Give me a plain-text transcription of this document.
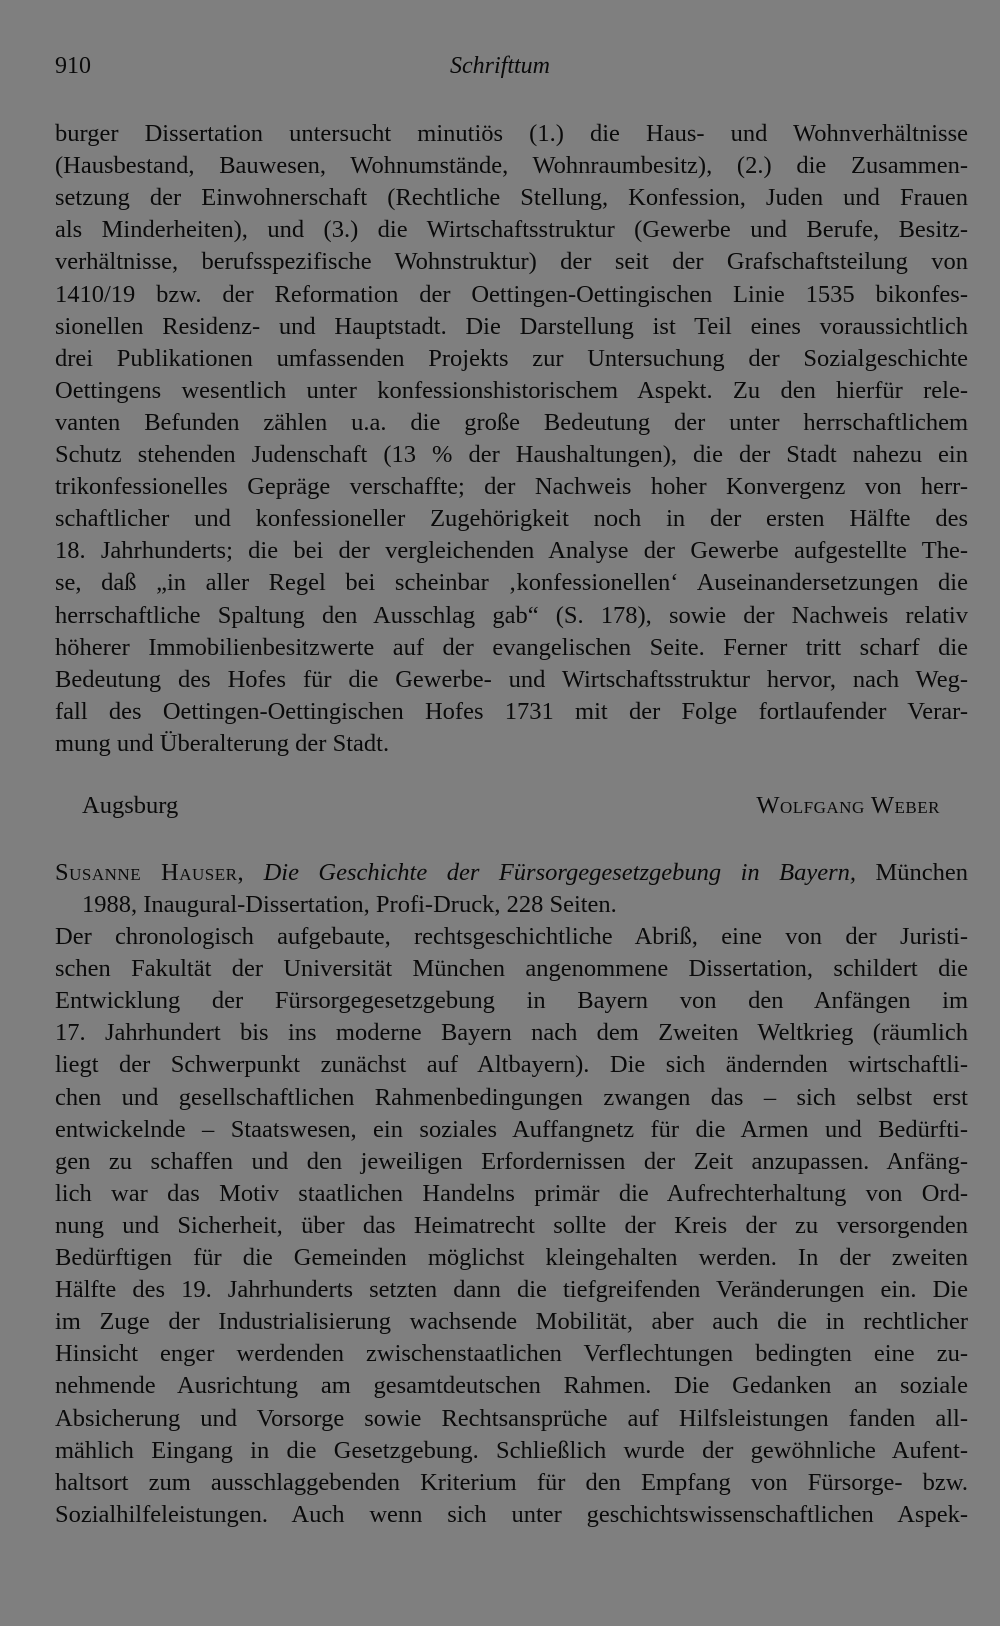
910	Schrifttum
burger Dissertation untersucht minutiös (1.) die Haus- und Wohnverhältnisse
(Hausbestand, Bauwesen, Wohnumstände, Wohnraumbesitz), (2.) die Zusammen-
setzung der Einwohnerschaft (Rechtliche Stellung, Konfession, Juden und Frauen
als Minderheiten), und (3.) die Wirtschaftsstruktur (Gewerbe und Berufe, Besitz-
verhältnisse, berufsspezifische Wohnstruktur) der seit der Grafschaftsteilung von
1410/19 bzw. der Reformation der Oettingen-Oettingischen Linie 1535 bikonfes-
sionellen Residenz- und Hauptstadt. Die Darstellung ist Teil eines voraussichtlich
drei Publikationen umfassenden Projekts zur Untersuchung der Sozialgeschichte
Oettingens wesentlich unter konfessionshistorischem Aspekt. Zu den hierfür rele-
vanten Befunden zählen u.a. die große Bedeutung der unter herrschaftlichem
Schutz stehenden Judenschaft (13 % der Haushaltungen), die der Stadt nahezu ein
trikonfessionelles Gepräge verschaffte; der Nachweis hoher Konvergenz von herr-
schaftlicher und konfessioneller Zugehörigkeit noch in der ersten Hälfte des
18. Jahrhunderts; die bei der vergleichenden Analyse der Gewerbe aufgestellte The-
se, daß „in aller Regel bei scheinbar ‚konfessionellen‘ Auseinandersetzungen die
herrschaftliche Spaltung den Ausschlag gab“ (S. 178), sowie der Nachweis relativ
höherer Immobilienbesitzwerte auf der evangelischen Seite. Ferner tritt scharf die
Bedeutung des Hofes für die Gewerbe- und Wirtschaftsstruktur hervor, nach Weg-
fall des Oettingen-Oettingischen Hofes 1731 mit der Folge fortlaufender Verar-
mung und Überalterung der Stadt.
Augsburg	Wolfgang Weber
Susanne Hauser, Die Geschichte der Fürsorgegesetzgebung in Bayern, München
1988, Inaugural-Dissertation, Profi-Druck, 228 Seiten.
Der chronologisch aufgebaute, rechtsgeschichtliche Abriß, eine von der Juristi-
schen Fakultät der Universität München angenommene Dissertation, schildert die
Entwicklung der Fürsorgegesetzgebung in Bayern von den Anfängen im
17. Jahrhundert bis ins moderne Bayern nach dem Zweiten Weltkrieg (räumlich
liegt der Schwerpunkt zunächst auf Altbayern). Die sich ändernden wirtschaftli-
chen und gesellschaftlichen Rahmenbedingungen zwangen das – sich selbst erst
entwickelnde – Staatswesen, ein soziales Auffangnetz für die Armen und Bedürfti-
gen zu schaffen und den jeweiligen Erfordernissen der Zeit anzupassen. Anfäng-
lich war das Motiv staatlichen Handelns primär die Aufrechterhaltung von Ord-
nung und Sicherheit, über das Heimatrecht sollte der Kreis der zu versorgenden
Bedürftigen für die Gemeinden möglichst kleingehalten werden. In der zweiten
Hälfte des 19. Jahrhunderts setzten dann die tiefgreifenden Veränderungen ein. Die
im Zuge der Industrialisierung wachsende Mobilität, aber auch die in rechtlicher
Hinsicht enger werdenden zwischenstaatlichen Verflechtungen bedingten eine zu-
nehmende Ausrichtung am gesamtdeutschen Rahmen. Die Gedanken an soziale
Absicherung und Vorsorge sowie Rechtsansprüche auf Hilfsleistungen fanden all-
mählich Eingang in die Gesetzgebung. Schließlich wurde der gewöhnliche Aufent-
haltsort zum ausschlaggebenden Kriterium für den Empfang von Fürsorge- bzw.
Sozialhilfeleistungen. Auch wenn sich unter geschichtswissenschaftlichen Aspek-
